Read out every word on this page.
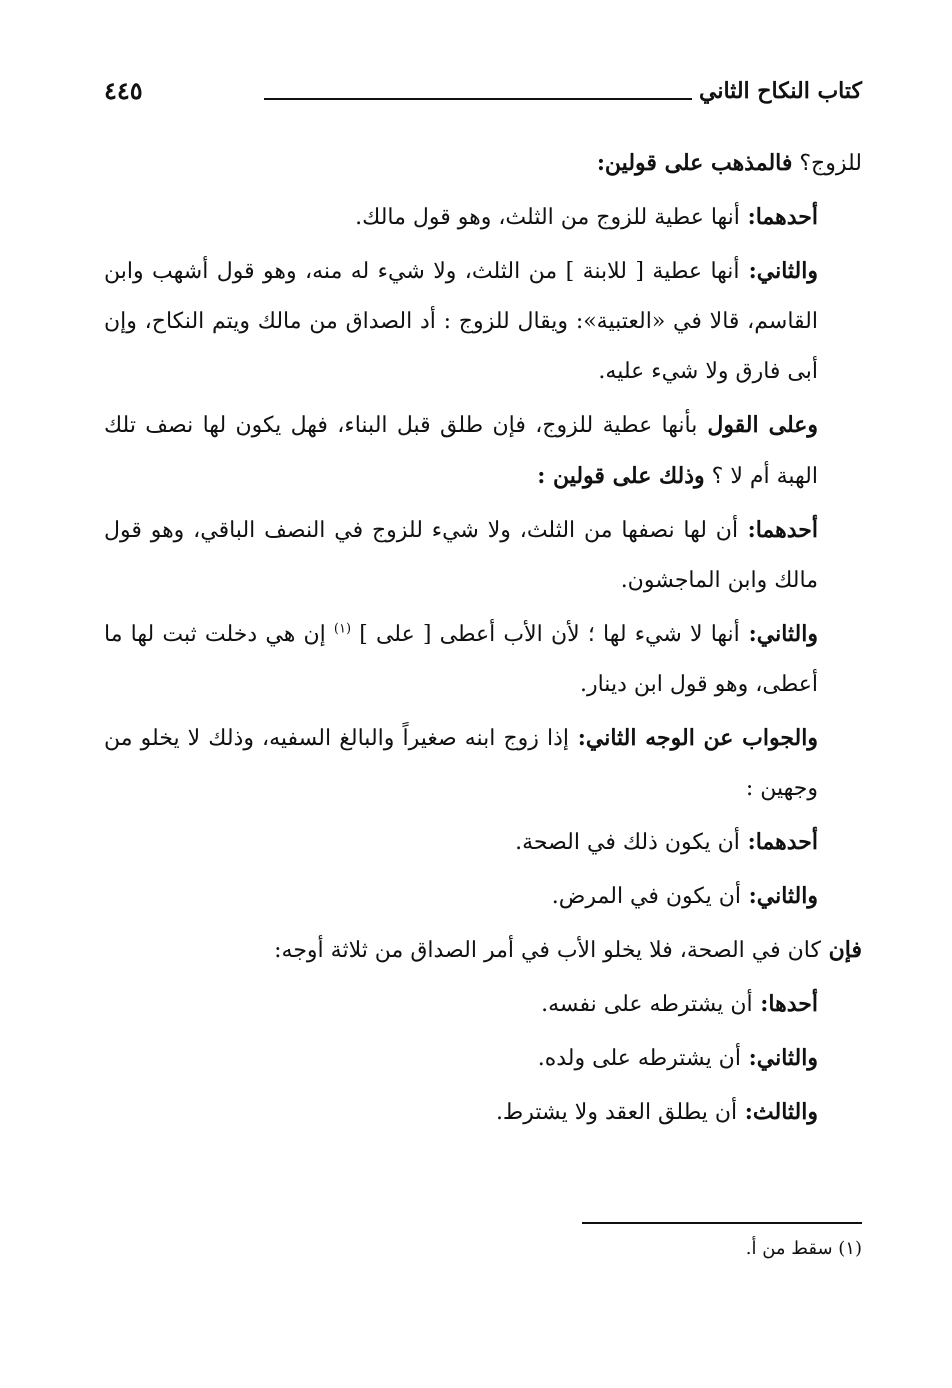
كتاب النكاح الثاني
٤٤٥

للزوج؟ فالمذهب على قولين:

أحدهما: أنها عطية للزوج من الثلث، وهو قول مالك.

والثاني: أنها عطية [ للابنة ] من الثلث، ولا شيء له منه، وهو قول أشهب وابن القاسم، قالا في «العتبية»: ويقال للزوج : أد الصداق من مالك ويتم النكاح، وإن أبى فارق ولا شيء عليه.

وعلى القول بأنها عطية للزوج، فإن طلق قبل البناء، فهل يكون لها نصف تلك الهبة أم لا ؟ وذلك على قولين :

أحدهما: أن لها نصفها من الثلث، ولا شيء للزوج في النصف الباقي، وهو قول مالك وابن الماجشون.

والثاني: أنها لا شيء لها ؛ لأن الأب أعطى [ على ] $^{(١)}$ إن هي دخلت ثبت لها ما أعطى، وهو قول ابن دينار.

والجواب عن الوجه الثاني: إذا زوج ابنه صغيراً والبالغ السفيه، وذلك لا يخلو من وجهين :

أحدهما: أن يكون ذلك في الصحة.

والثاني: أن يكون في المرض.

فإن كان في الصحة، فلا يخلو الأب في أمر الصداق من ثلاثة أوجه:

أحدها: أن يشترطه على نفسه.

والثاني: أن يشترطه على ولده.

والثالث: أن يطلق العقد ولا يشترط.

(١) سقط من أ.
